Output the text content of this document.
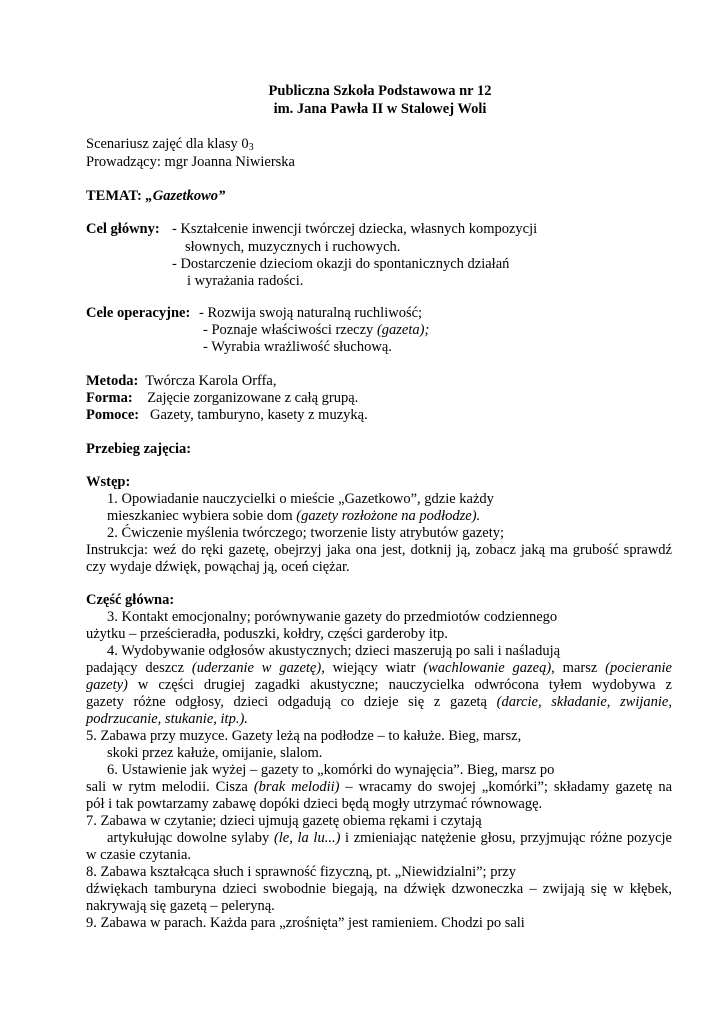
Publiczna Szkoła Podstawowa nr 12
im. Jana Pawła II w Stalowej Woli
Scenariusz zajęć dla klasy $0_3$
Prowadzący: mgr Joanna Niwierska
TEMAT: „Gazetkowo”
Cel główny: - Kształcenie inwencji twórczej dziecka, własnych kompozycji
słownych, muzycznych i ruchowych.
- Dostarczenie dzieciom okazji do spontanicznych działań
i wyrażania radości.
Cele operacyjne: - Rozwija swoją naturalną ruchliwość;
- Poznaje właściwości rzeczy (gazeta);
- Wyrabia wrażliwość słuchową.
Metoda:  Twórcza Karola Orffa,
Forma:    Zajęcie zorganizowane z całą grupą.
Pomoce:   Gazety, tamburyno, kasety z muzyką.
Przebieg zajęcia:
Wstęp:
1. Opowiadanie nauczycielki o mieście „Gazetkowo”, gdzie każdy
mieszkaniec wybiera sobie dom (gazety rozłożone na podłodze).
2. Ćwiczenie myślenia twórczego; tworzenie listy atrybutów gazety;
Instrukcja: weź do ręki gazetę, obejrzyj jaka ona jest, dotknij ją, zobacz jaką ma grubość sprawdź
czy wydaje dźwięk, powąchaj ją, oceń ciężar.
Część główna:
3. Kontakt emocjonalny; porównywanie gazety do przedmiotów codziennego
użytku – prześcieradła, poduszki, kołdry, części garderoby itp.
4. Wydobywanie odgłosów akustycznych; dzieci maszerują po sali i naśladują
padający deszcz (uderzanie w gazetę), wiejący wiatr (wachlowanie gazeą), marsz (pocieranie
gazety) w części drugiej zagadki akustyczne; nauczycielka odwrócona tyłem wydobywa z
gazety różne odgłosy, dzieci odgadują co dzieje się z gazetą (darcie, składanie, zwijanie,
podrzucanie, stukanie, itp.).
5. Zabawa przy muzyce. Gazety leżą na podłodze – to kałuże. Bieg, marsz,
skoki przez kałuże, omijanie, slalom.
6. Ustawienie jak wyżej – gazety to „komórki do wynajęcia”. Bieg, marsz po
sali w rytm melodii. Cisza (brak melodii) – wracamy do swojej „komórki”; składamy gazetę na
pół i tak powtarzamy zabawę dopóki dzieci będą mogły utrzymać równowagę.
7. Zabawa w czytanie; dzieci ujmują gazetę obiema rękami i czytają
artykułując dowolne sylaby (le, la lu...) i zmieniając natężenie głosu, przyjmując różne pozycje
w czasie czytania.
8. Zabawa kształcąca słuch i sprawność fizyczną, pt. „Niewidzialni”; przy
dźwiękach tamburyna dzieci swobodnie biegają, na dźwięk dzwoneczka – zwijają się w kłębek,
nakrywają się gazetą – peleryną.
9. Zabawa w parach. Każda para „zrośnięta” jest ramieniem. Chodzi po sali
